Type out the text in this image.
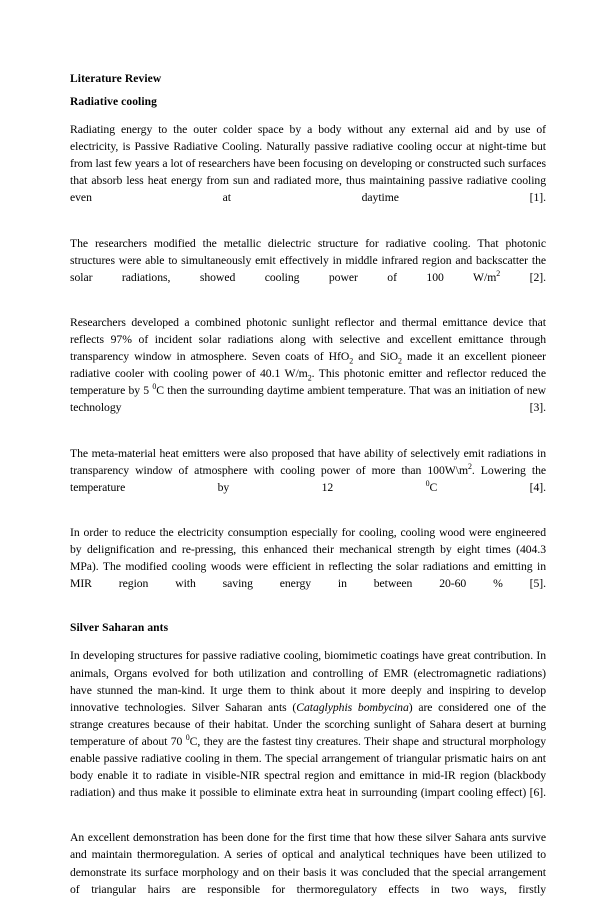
Literature Review
Radiative cooling

Radiating energy to the outer colder space by a body without any external aid and by use of electricity, is Passive Radiative Cooling. Naturally passive radiative cooling occur at night-time but from last few years a lot of researchers have been focusing on developing or constructed such surfaces that absorb less heat energy from sun and radiated more, thus maintaining passive radiative cooling even at daytime [1].

The researchers modified the metallic dielectric structure for radiative cooling. That photonic structures were able to simultaneously emit effectively in middle infrared region and backscatter the solar radiations, showed cooling power of 100 $W/m^2$ [2].

Researchers developed a combined photonic sunlight reflector and thermal emittance device that reflects 97% of incident solar radiations along with selective and excellent emittance through transparency window in atmosphere. Seven coats of HfO$_2$ and SiO$_2$ made it an excellent pioneer radiative cooler with cooling power of 40.1 $W/m_2$. This photonic emitter and reflector reduced the temperature by 5 $^0$C then the surrounding daytime ambient temperature. That was an initiation of new technology [3].

The meta-material heat emitters were also proposed that have ability of selectively emit radiations in transparency window of atmosphere with cooling power of more than $100W\backslash m^2$. Lowering the temperature by 12 $^0$C [4].

In order to reduce the electricity consumption especially for cooling, cooling wood were engineered by delignification and re-pressing, this enhanced their mechanical strength by eight times (404.3 MPa). The modified cooling woods were efficient in reflecting the solar radiations and emitting in MIR region with saving energy in between 20-60 % [5].

Silver Saharan ants

In developing structures for passive radiative cooling, biomimetic coatings have great contribution. In animals, Organs evolved for both utilization and controlling of EMR (electromagnetic radiations) have stunned the man-kind. It urge them to think about it more deeply and inspiring to develop innovative technologies. Silver Saharan ants (Cataglyphis bombycina) are considered one of the strange creatures because of their habitat. Under the scorching sunlight of Sahara desert at burning temperature of about 70 $^0$C, they are the fastest tiny creatures. Their shape and structural morphology enable passive radiative cooling in them. The special arrangement of triangular prismatic hairs on ant body enable it to radiate in visible-NIR spectral region and emittance in mid-IR region (blackbody radiation) and thus make it possible to eliminate extra heat in surrounding (impart cooling effect) [6].

An excellent demonstration has been done for the first time that how these silver Sahara ants survive and maintain thermoregulation. A series of optical and analytical techniques have been utilized to demonstrate its surface morphology and on their basis it was concluded that the special arrangement of triangular hairs are responsible for thermoregulatory effects in two ways, firstly
